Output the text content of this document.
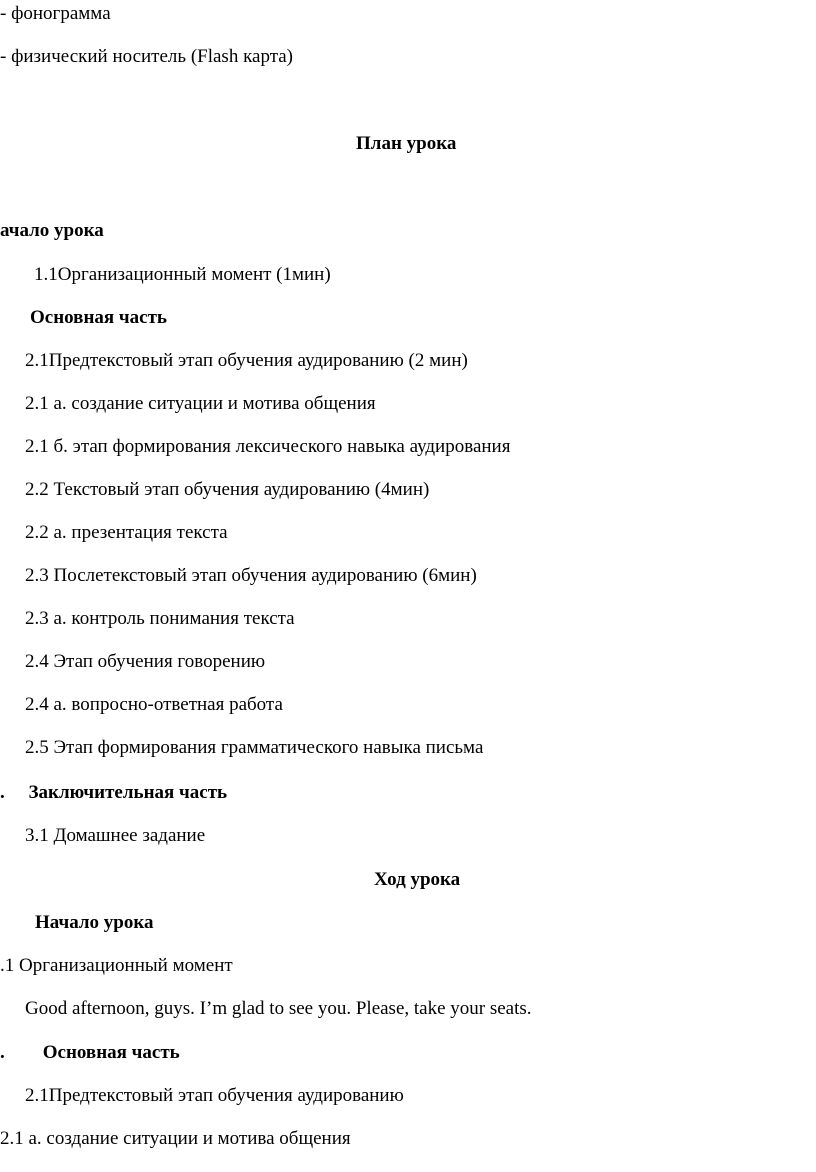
- фонограмма
- физический носитель (Flash карта)
План урока
ачало урока
1.1Организационный момент (1мин)
Основная часть
2.1Предтекстовый этап обучения аудированию (2 мин)
2.1 а. создание ситуации и мотива общения
2.1 б. этап формирования лексического навыка аудирования
2.2 Текстовый этап обучения аудированию (4мин)
2.2 а. презентация текста
2.3 Послетекстовый этап обучения аудированию (6мин)
2.3 а. контроль понимания текста
2.4 Этап обучения говорению
2.4 а. вопросно-ответная работа
2.5 Этап формирования грамматического навыка письма
.     Заключительная часть
3.1 Домашнее задание
Ход урока
Начало урока
.1 Организационный момент
Good afternoon, guys. I’m glad to see you. Please, take your seats.
.        Основная часть
2.1Предтекстовый этап обучения аудированию
2.1 а. создание ситуации и мотива общения
